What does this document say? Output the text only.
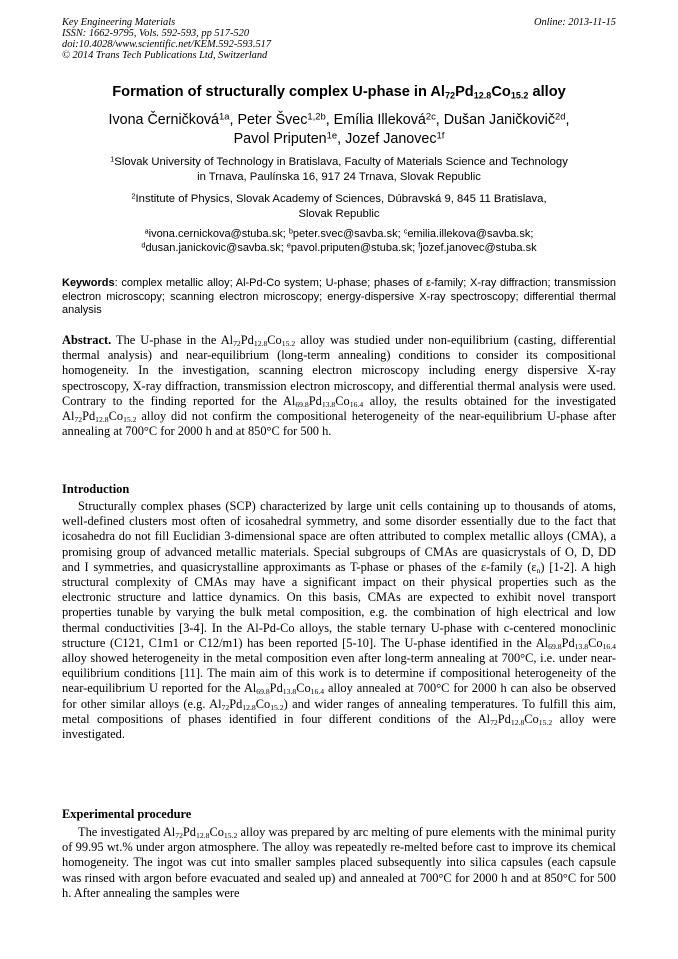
Key Engineering Materials
ISSN: 1662-9795, Vols. 592-593, pp 517-520
doi:10.4028/www.scientific.net/KEM.592-593.517
© 2014 Trans Tech Publications Ltd, Switzerland
Online: 2013-11-15
Formation of structurally complex U-phase in $Al_{72}Pd_{12.8}Co_{15.2}$ alloy
Ivona Černičková$^{1a}$, Peter Švec$^{1,2b}$, Emília Illeková$^{2c}$, Dušan Janičkovič$^{2d}$,
Pavol Priputen$^{1e}$, Jozef Janovec$^{1f}$
$^1$Slovak University of Technology in Bratislava, Faculty of Materials Science and Technology
in Trnava, Paulínska 16, 917 24 Trnava, Slovak Republic
$^2$Institute of Physics, Slovak Academy of Sciences, Dúbravská 9, 845 11 Bratislava,
Slovak Republic
$^a$ivona.cernickova@stuba.sk; $^b$peter.svec@savba.sk; $^c$emilia.illekova@savba.sk;
$^d$dusan.janickovic@savba.sk; $^e$pavol.priputen@stuba.sk; $^f$jozef.janovec@stuba.sk
Keywords: complex metallic alloy; Al-Pd-Co system; U-phase; phases of ε-family; X-ray diffraction; transmission electron microscopy; scanning electron microscopy; energy-dispersive X-ray spectroscopy; differential thermal analysis
Abstract. The U-phase in the $Al_{72}Pd_{12.8}Co_{15.2}$ alloy was studied under non-equilibrium (casting, differential thermal analysis) and near-equilibrium (long-term annealing) conditions to consider its compositional homogeneity. In the investigation, scanning electron microscopy including energy dispersive X-ray spectroscopy, X-ray diffraction, transmission electron microscopy, and differential thermal analysis were used. Contrary to the finding reported for the $Al_{69.8}Pd_{13.8}Co_{16.4}$ alloy, the results obtained for the investigated $Al_{72}Pd_{12.8}Co_{15.2}$ alloy did not confirm the compositional heterogeneity of the near-equilibrium U-phase after annealing at 700°C for 2000 h and at 850°C for 500 h.
Introduction
Structurally complex phases (SCP) characterized by large unit cells containing up to thousands of atoms, well-defined clusters most often of icosahedral symmetry, and some disorder essentially due to the fact that icosahedra do not fill Euclidian 3-dimensional space are often attributed to complex metallic alloys (CMA), a promising group of advanced metallic materials. Special subgroups of CMAs are quasicrystals of O, D, DD and I symmetries, and quasicrystalline approximants as T-phase or phases of the ε-family $(\varepsilon_n)$ [1-2]. A high structural complexity of CMAs may have a significant impact on their physical properties such as the electronic structure and lattice dynamics. On this basis, CMAs are expected to exhibit novel transport properties tunable by varying the bulk metal composition, e.g. the combination of high electrical and low thermal conductivities [3-4]. In the Al-Pd-Co alloys, the stable ternary U-phase with c-centered monoclinic structure (C121, C1m1 or C12/m1) has been reported [5-10]. The U-phase identified in the $Al_{69.8}Pd_{13.8}Co_{16.4}$ alloy showed heterogeneity in the metal composition even after long-term annealing at 700°C, i.e. under near-equilibrium conditions [11]. The main aim of this work is to determine if compositional heterogeneity of the near-equilibrium U reported for the $Al_{69.8}Pd_{13.8}Co_{16.4}$ alloy annealed at 700°C for 2000 h can also be observed for other similar alloys (e.g. $Al_{72}Pd_{12.8}Co_{15.2}$) and wider ranges of annealing temperatures. To fulfill this aim, metal compositions of phases identified in four different conditions of the $Al_{72}Pd_{12.8}Co_{15.2}$ alloy were investigated.
Experimental procedure
The investigated $Al_{72}Pd_{12.8}Co_{15.2}$ alloy was prepared by arc melting of pure elements with the minimal purity of 99.95 wt.% under argon atmosphere. The alloy was repeatedly re-melted before cast to improve its chemical homogeneity. The ingot was cut into smaller samples placed subsequently into silica capsules (each capsule was rinsed with argon before evacuated and sealed up) and annealed at 700°C for 2000 h and at 850°C for 500 h. After annealing the samples were
